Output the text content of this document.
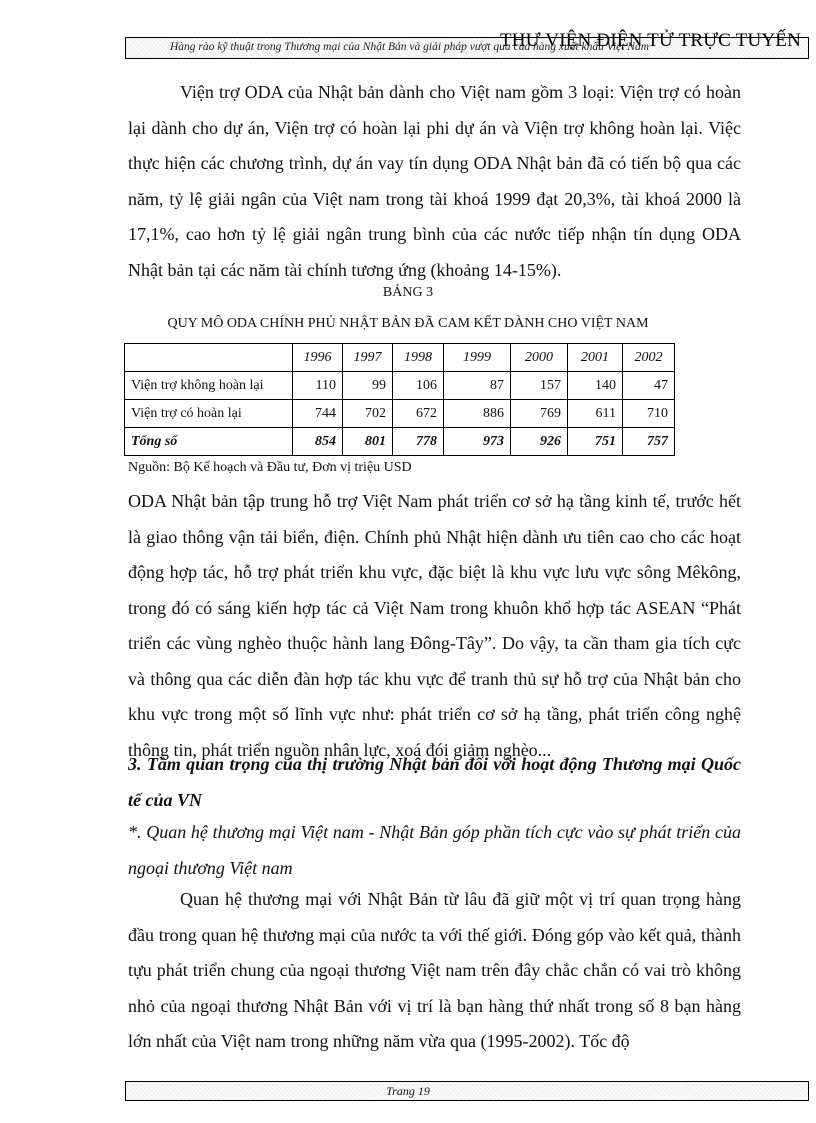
Hàng rào kỹ thuật trong Thương mại của Nhật Bản và giải pháp vượt qua của hàng xuất khẩu Việt Nam
THƯ VIỆN ĐIỆN TỬ TRỰC TUYẾN

Viện trợ ODA của Nhật bản dành cho Việt nam gồm 3 loại: Viện trợ có hoàn lại dành cho dự án, Viện trợ có hoàn lại phi dự án và Viện trợ không hoàn lại. Việc thực hiện các chương trình, dự án vay tín dụng ODA Nhật bản đã có tiến bộ qua các năm, tỷ lệ giải ngân của Việt nam trong tài khoá 1999 đạt 20,3%, tài khoá 2000 là 17,1%, cao hơn tỷ lệ giải ngân trung bình của các nước tiếp nhận tín dụng ODA Nhật bản tại các năm tài chính tương ứng (khoảng 14-15%).

BẢNG 3
QUY MÔ ODA CHÍNH PHỦ NHẬT BẢN ĐÃ CAM KẾT DÀNH CHO VIỆT NAM
	1996	1997	1998	1999	2000	2001	2002
Viện trợ không hoàn lại	110	99	106	87	157	140	47
Viện trợ có hoàn lại	744	702	672	886	769	611	710
Tổng số	854	801	778	973	926	751	757
Nguồn: Bộ Kế hoạch và Đầu tư, Đơn vị triệu USD

ODA Nhật bản tập trung hỗ trợ Việt Nam phát triển cơ sở hạ tầng kinh tế, trước hết là giao thông vận tải biển, điện. Chính phủ Nhật hiện dành ưu tiên cao cho các hoạt động hợp tác, hỗ trợ phát triển khu vực, đặc biệt là khu vực lưu vực sông Mêkông, trong đó có sáng kiến hợp tác cả Việt Nam trong khuôn khổ hợp tác ASEAN “Phát triển các vùng nghèo thuộc hành lang Đông-Tây”. Do vậy, ta cần tham gia tích cực và thông qua các diễn đàn hợp tác khu vực để tranh thủ sự hỗ trợ của Nhật bản cho khu vực trong một số lĩnh vực như: phát triển cơ sở hạ tầng, phát triển công nghệ thông tin, phát triển nguồn nhân lực, xoá đói giảm nghèo...

3. Tầm quan trọng của thị trường Nhật bản đối với hoạt động Thương mại Quốc tế của VN

*. Quan hệ thương mại Việt nam - Nhật Bản góp phần tích cực vào sự phát triển của ngoại thương Việt nam

Quan hệ thương mại với Nhật Bản từ lâu đã giữ một vị trí quan trọng hàng đầu trong quan hệ thương mại của nước ta với thế giới. Đóng góp vào kết quả, thành tựu phát triển chung của ngoại thương Việt nam trên đây chắc chắn có vai trò không nhỏ của ngoại thương Nhật Bản với vị trí là bạn hàng thứ nhất trong số 8 bạn hàng lớn nhất của Việt nam trong những năm vừa qua (1995-2002). Tốc độ

Trang 19
